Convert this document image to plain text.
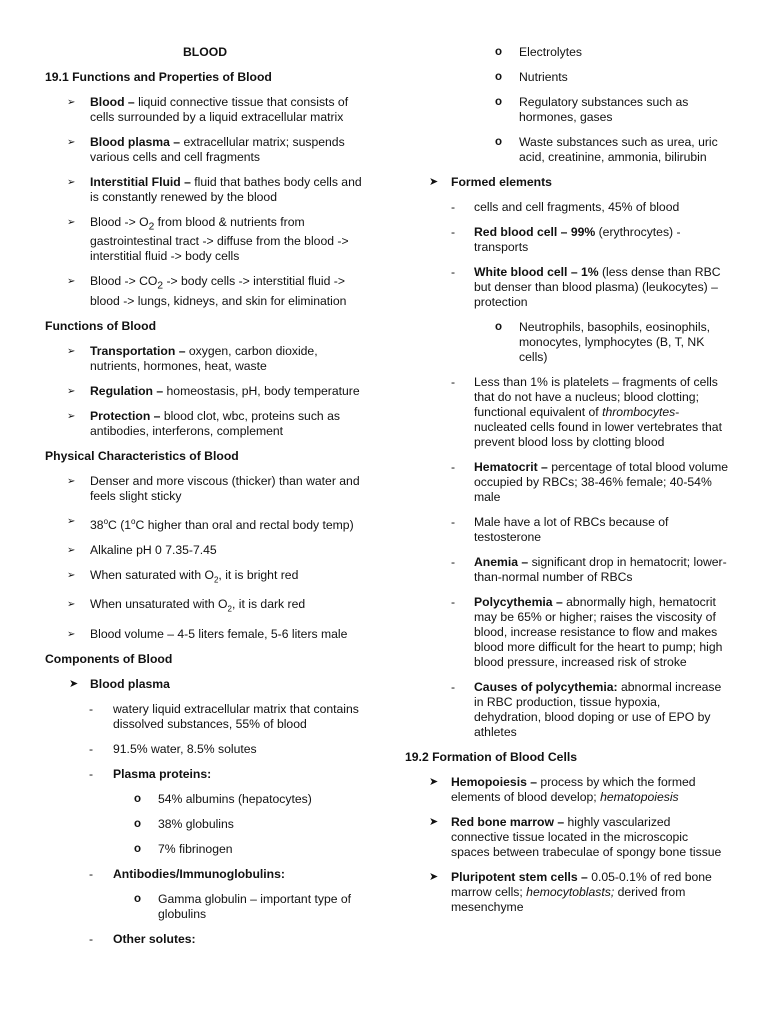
BLOOD
19.1 Functions and Properties of Blood
➢ Blood – liquid connective tissue that consists of cells surrounded by a liquid extracellular matrix
➢ Blood plasma – extracellular matrix; suspends various cells and cell fragments
➢ Interstitial Fluid – fluid that bathes body cells and is constantly renewed by the blood
➢ Blood -> $O_2$ from blood & nutrients from gastrointestinal tract -> diffuse from the blood -> interstitial fluid -> body cells
➢ Blood -> $CO_2$ -> body cells -> interstitial fluid -> blood -> lungs, kidneys, and skin for elimination
Functions of Blood
➢ Transportation – oxygen, carbon dioxide, nutrients, hormones, heat, waste
➢ Regulation – homeostasis, pH, body temperature
➢ Protection – blood clot, wbc, proteins such as antibodies, interferons, complement
Physical Characteristics of Blood
➢ Denser and more viscous (thicker) than water and feels slight sticky
➢ 38$^o$C (1$^o$C higher than oral and rectal body temp)
➢ Alkaline pH 0 7.35-7.45
➢ When saturated with $O_2$, it is bright red
➢ When unsaturated with $O_2$, it is dark red
➢ Blood volume – 4-5 liters female, 5-6 liters male
Components of Blood
➤ Blood plasma
- watery liquid extracellular matrix that contains dissolved substances, 55% of blood
- 91.5% water, 8.5% solutes
- Plasma proteins:
o 54% albumins (hepatocytes)
o 38% globulins
o 7% fibrinogen
- Antibodies/Immunoglobulins:
o Gamma globulin – important type of globulins
- Other solutes:
o Electrolytes
o Nutrients
o Regulatory substances such as hormones, gases
o Waste substances such as urea, uric acid, creatinine, ammonia, bilirubin
➤ Formed elements
- cells and cell fragments, 45% of blood
- Red blood cell – 99% (erythrocytes) - transports
- White blood cell – 1% (less dense than RBC but denser than blood plasma) (leukocytes) – protection
o Neutrophils, basophils, eosinophils, monocytes, lymphocytes (B, T, NK cells)
- Less than 1% is platelets – fragments of cells that do not have a nucleus; blood clotting; functional equivalent of thrombocytes- nucleated cells found in lower vertebrates that prevent blood loss by clotting blood
- Hematocrit – percentage of total blood volume occupied by RBCs; 38-46% female; 40-54% male
- Male have a lot of RBCs because of testosterone
- Anemia – significant drop in hematocrit; lower-than-normal number of RBCs
- Polycythemia – abnormally high, hematocrit may be 65% or higher; raises the viscosity of blood, increase resistance to flow and makes blood more difficult for the heart to pump; high blood pressure, increased risk of stroke
- Causes of polycythemia: abnormal increase in RBC production, tissue hypoxia, dehydration, blood doping or use of EPO by athletes
19.2 Formation of Blood Cells
➤ Hemopoiesis – process by which the formed elements of blood develop; hematopoiesis
➤ Red bone marrow – highly vascularized connective tissue located in the microscopic spaces between trabeculae of spongy bone tissue
➤ Pluripotent stem cells – 0.05-0.1% of red bone marrow cells; hemocytoblasts; derived from mesenchyme
